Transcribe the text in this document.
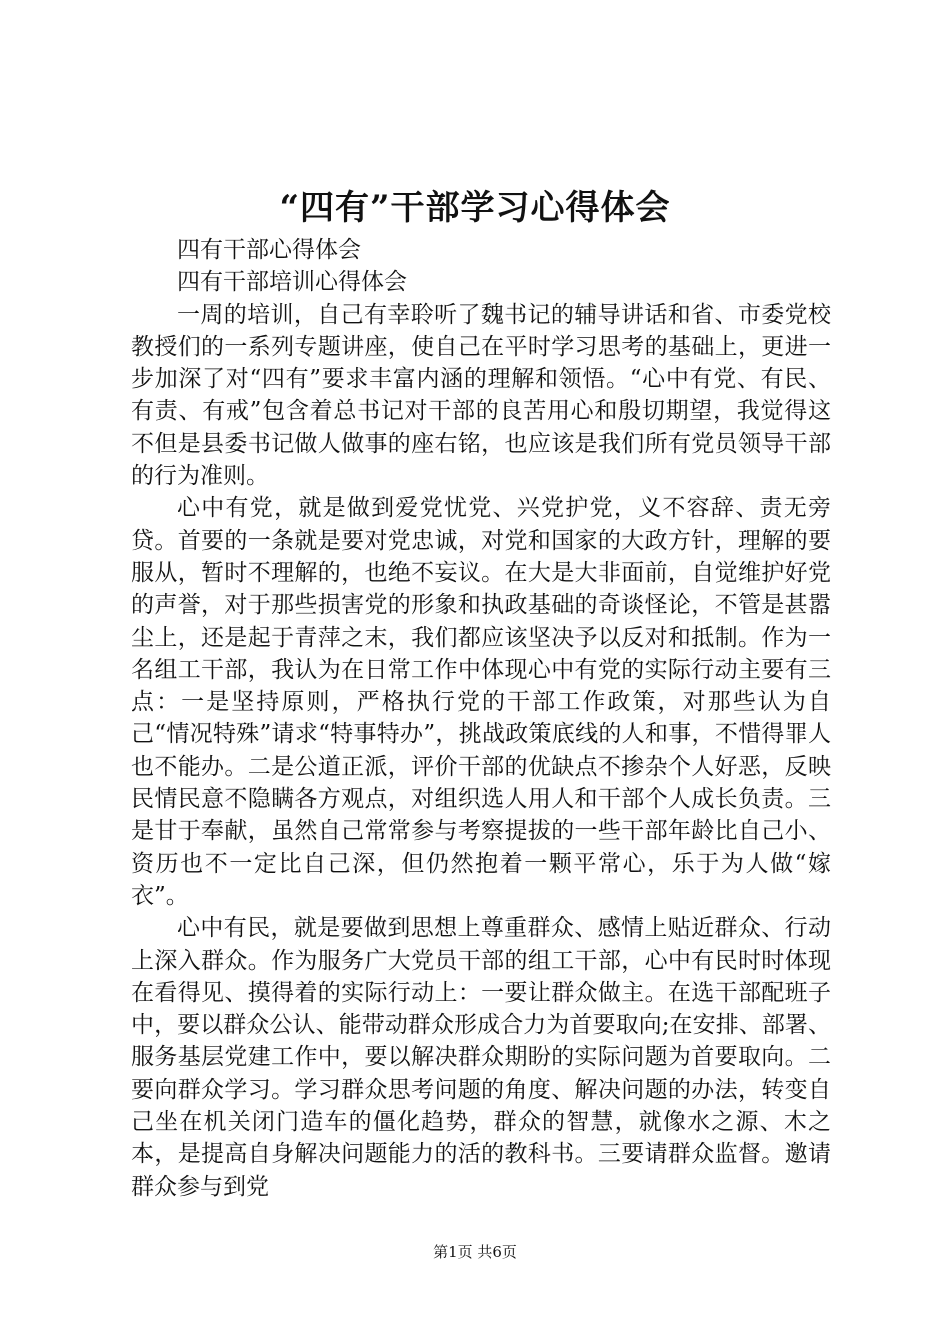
“四有”干部学习心得体会

四有干部心得体会

四有干部培训心得体会

一周的培训，自己有幸聆听了魏书记的辅导讲话和省、市委党校教授们的一系列专题讲座，使自己在平时学习思考的基础上，更进一步加深了对“四有”要求丰富内涵的理解和领悟。“心中有党、有民、有责、有戒”包含着总书记对干部的良苦用心和殷切期望，我觉得这不但是县委书记做人做事的座右铭，也应该是我们所有党员领导干部的行为准则。

心中有党，就是做到爱党忧党、兴党护党，义不容辞、责无旁贷。首要的一条就是要对党忠诚，对党和国家的大政方针，理解的要服从，暂时不理解的，也绝不妄议。在大是大非面前，自觉维护好党的声誉，对于那些损害党的形象和执政基础的奇谈怪论，不管是甚嚣尘上，还是起于青萍之末，我们都应该坚决予以反对和抵制。作为一名组工干部，我认为在日常工作中体现心中有党的实际行动主要有三点：一是坚持原则，严格执行党的干部工作政策，对那些认为自己“情况特殊”请求“特事特办”，挑战政策底线的人和事，不惜得罪人也不能办。二是公道正派，评价干部的优缺点不掺杂个人好恶，反映民情民意不隐瞒各方观点，对组织选人用人和干部个人成长负责。三是甘于奉献，虽然自己常常参与考察提拔的一些干部年龄比自己小、资历也不一定比自己深，但仍然抱着一颗平常心，乐于为人做“嫁衣”。

心中有民，就是要做到思想上尊重群众、感情上贴近群众、行动上深入群众。作为服务广大党员干部的组工干部，心中有民时时体现在看得见、摸得着的实际行动上：一要让群众做主。在选干部配班子中，要以群众公认、能带动群众形成合力为首要取向;在安排、部署、服务基层党建工作中，要以解决群众期盼的实际问题为首要取向。二要向群众学习。学习群众思考问题的角度、解决问题的办法，转变自己坐在机关闭门造车的僵化趋势，群众的智慧，就像水之源、木之本，是提高自身解决问题能力的活的教科书。三要请群众监督。邀请群众参与到党

第1页 共6页
